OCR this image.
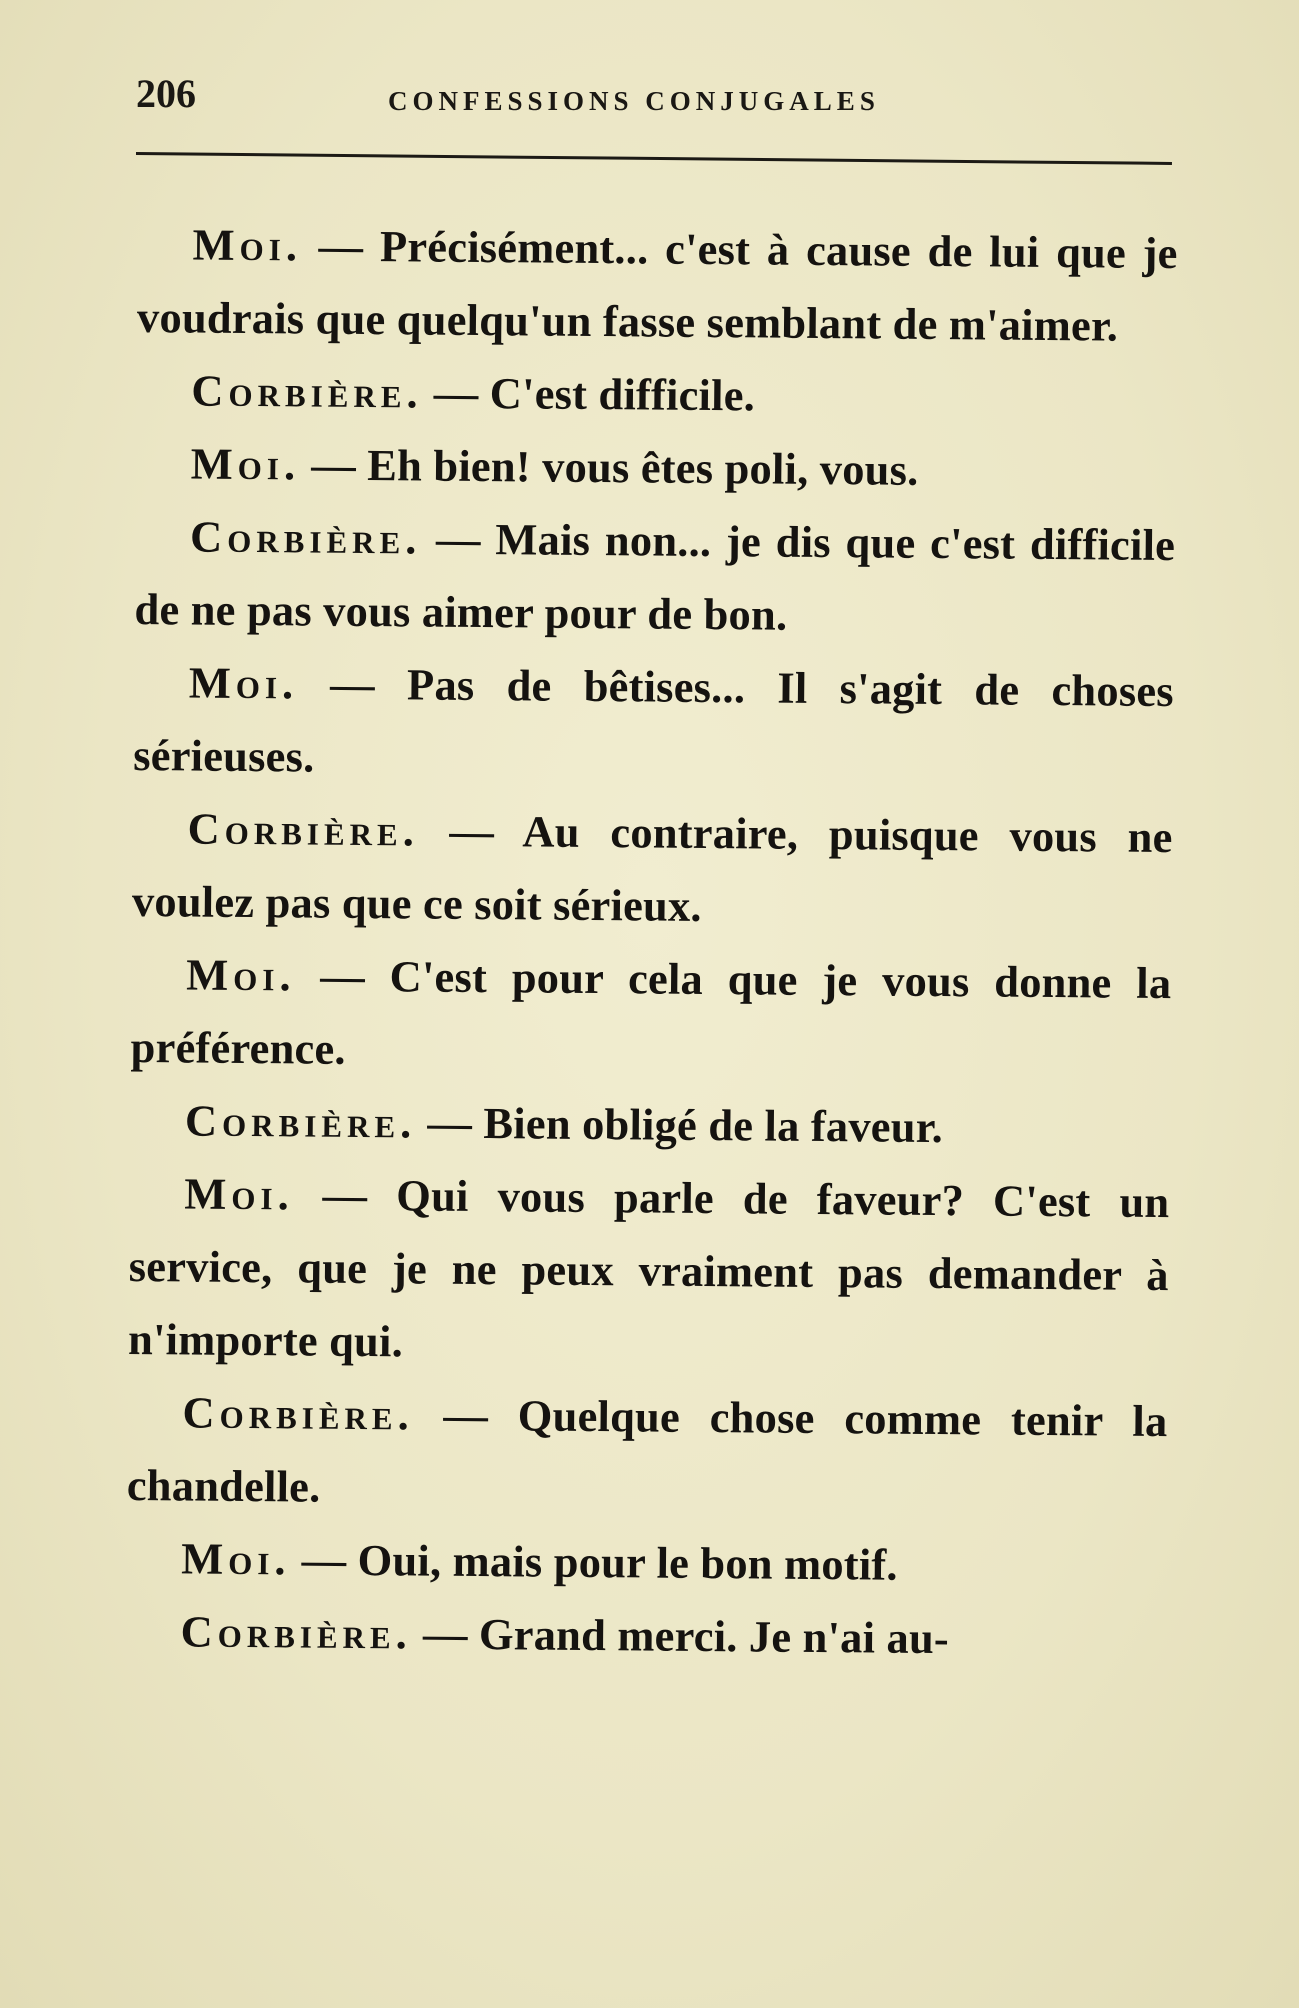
206	CONFESSIONS CONJUGALES

Moi. — Précisément... c'est à cause de lui que je voudrais que quelqu'un fasse semblant de m'aimer.

Corbière. — C'est difficile.

Moi. — Eh bien! vous êtes poli, vous.

Corbière. — Mais non... je dis que c'est difficile de ne pas vous aimer pour de bon.

Moi. — Pas de bêtises... Il s'agit de choses sérieuses.

Corbière. — Au contraire, puisque vous ne voulez pas que ce soit sérieux.

Moi. — C'est pour cela que je vous donne la préférence.

Corbière. — Bien obligé de la faveur.

Moi. — Qui vous parle de faveur? C'est un service, que je ne peux vraiment pas demander à n'importe qui.

Corbière. — Quelque chose comme tenir la chandelle.

Moi. — Oui, mais pour le bon motif.

Corbière. — Grand merci. Je n'ai au-
